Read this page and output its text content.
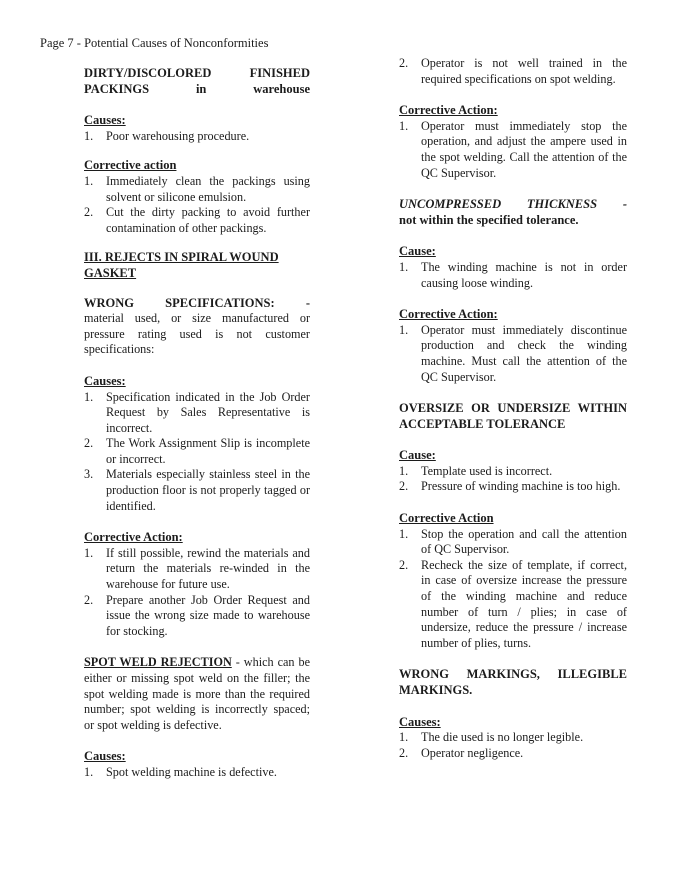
Page 7 - Potential Causes of Nonconformities
DIRTY/DISCOLORED FINISHED PACKINGS in warehouse
Causes:
1. Poor warehousing procedure.
Corrective action
1. Immediately clean the packings using solvent or silicone emulsion.
2. Cut the dirty packing to avoid further contamination of other packings.
III. REJECTS IN SPIRAL WOUND GASKET
WRONG SPECIFICATIONS: -
material used, or size manufactured or pressure rating used is not customer specifications:
Causes:
1. Specification indicated in the Job Order Request by Sales Representative is incorrect.
2. The Work Assignment Slip is incomplete or incorrect.
3. Materials especially stainless steel in the production floor is not properly tagged or identified.
Corrective Action:
1. If still possible, rewind the materials and return the materials re-winded in the warehouse for future use.
2. Prepare another Job Order Request and issue the wrong size made to warehouse for stocking.
SPOT WELD REJECTION - which can be either or missing spot weld on the filler; the spot welding made is more than the required number; spot welding is incorrectly spaced; or spot welding is defective.
Causes:
1. Spot welding machine is defective.
2. Operator is not well trained in the required specifications on spot welding.
Corrective Action:
1. Operator must immediately stop the operation, and adjust the ampere used in the spot welding. Call the attention of the QC Supervisor.
UNCOMPRESSED THICKNESS -
not within the specified tolerance.
Cause:
1. The winding machine is not in order causing loose winding.
Corrective Action:
1. Operator must immediately discontinue production and check the winding machine. Must call the attention of the QC Supervisor.
OVERSIZE OR UNDERSIZE WITHIN ACCEPTABLE TOLERANCE
Cause:
1. Template used is incorrect.
2. Pressure of winding machine is too high.
Corrective Action
1. Stop the operation and call the attention of QC Supervisor.
2. Recheck the size of template, if correct, in case of oversize increase the pressure of the winding machine and reduce number of turn / plies; in case of undersize, reduce the pressure / increase number of plies, turns.
WRONG MARKINGS, ILLEGIBLE MARKINGS.
Causes:
1. The die used is no longer legible.
2. Operator negligence.
